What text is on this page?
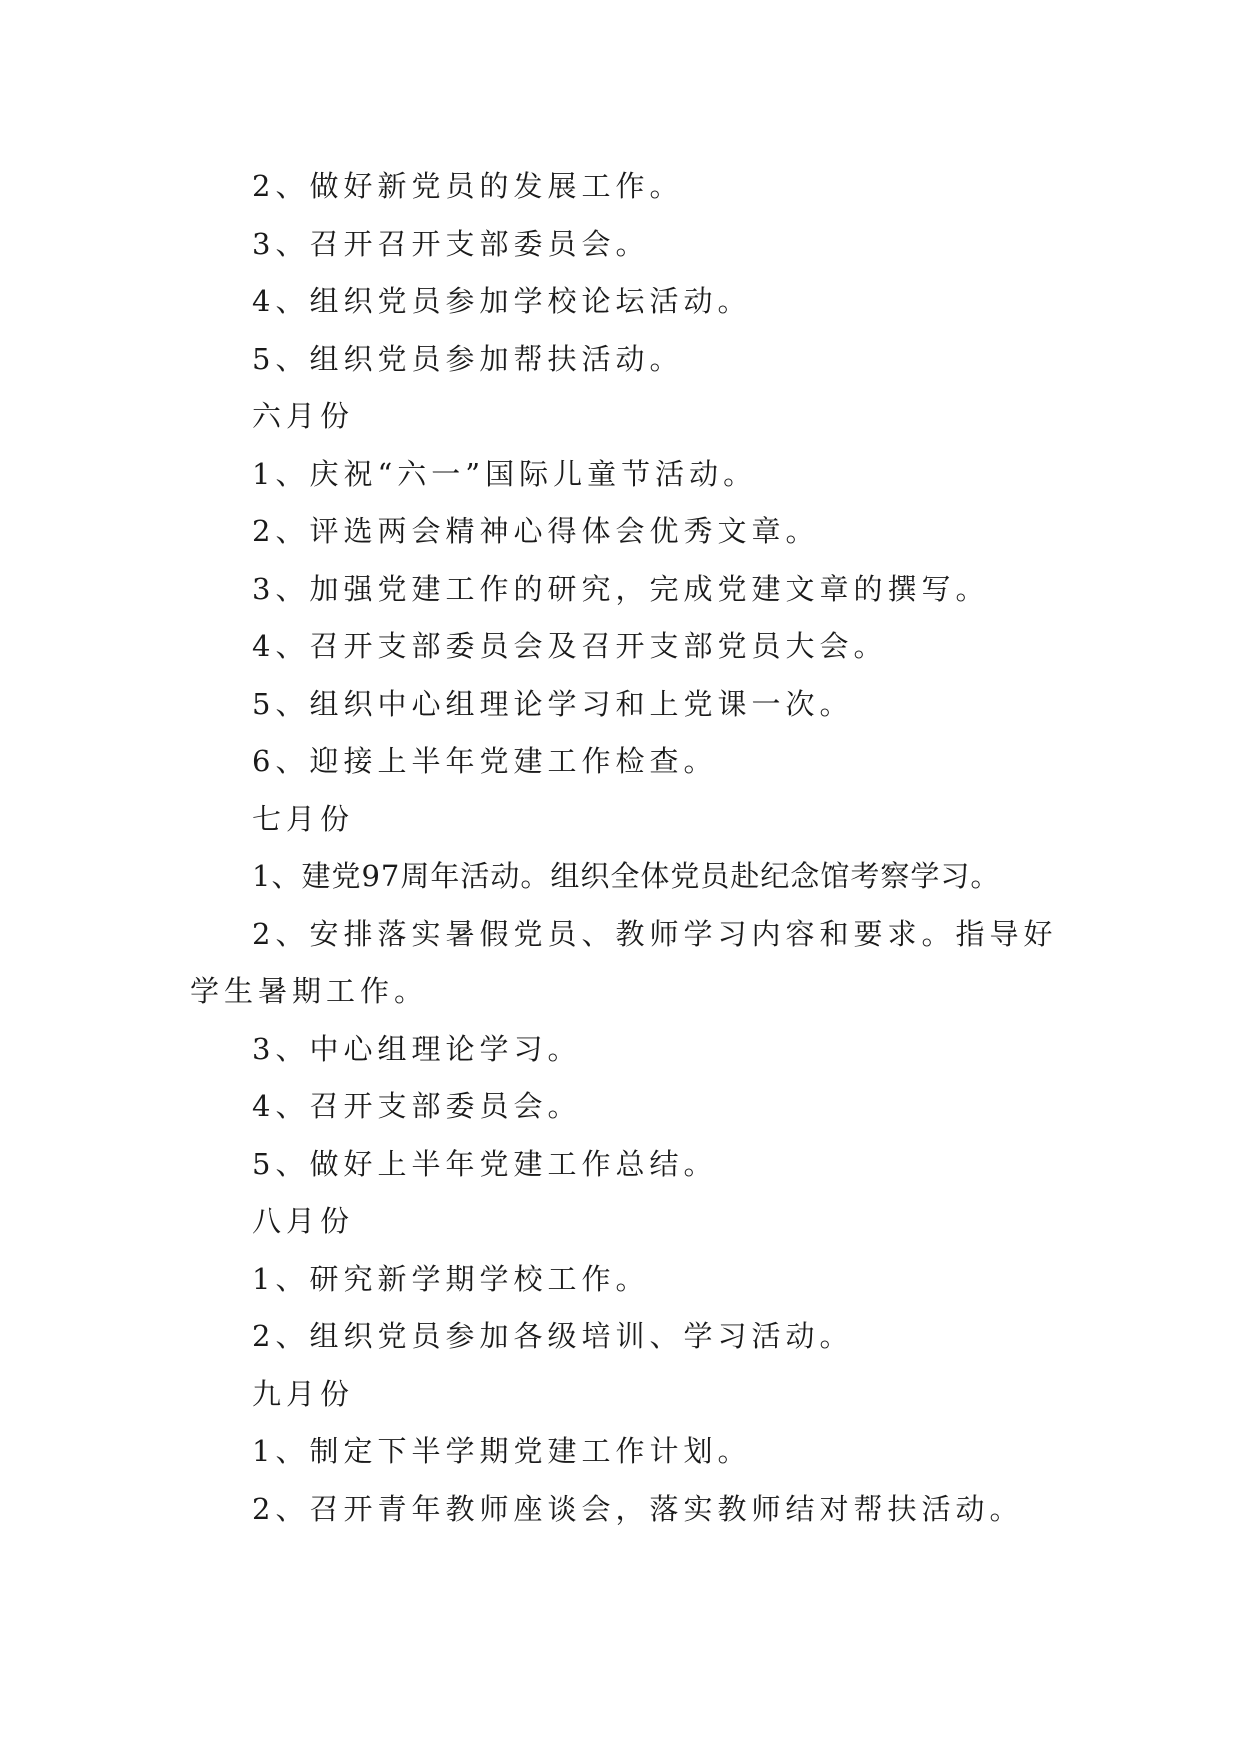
2、做好新党员的发展工作。

3、召开召开支部委员会。

4、组织党员参加学校论坛活动。

5、组织党员参加帮扶活动。

六月份

1、庆祝“六一”国际儿童节活动。

2、评选两会精神心得体会优秀文章。

3、加强党建工作的研究，完成党建文章的撰写。

4、召开支部委员会及召开支部党员大会。

5、组织中心组理论学习和上党课一次。

6、迎接上半年党建工作检查。

七月份

1、建党97周年活动。组织全体党员赴纪念馆考察学习。

2、安排落实暑假党员、教师学习内容和要求。指导好

学生暑期工作。

3、中心组理论学习。

4、召开支部委员会。

5、做好上半年党建工作总结。

八月份

1、研究新学期学校工作。

2、组织党员参加各级培训、学习活动。

九月份

1、制定下半学期党建工作计划。

2、召开青年教师座谈会，落实教师结对帮扶活动。
